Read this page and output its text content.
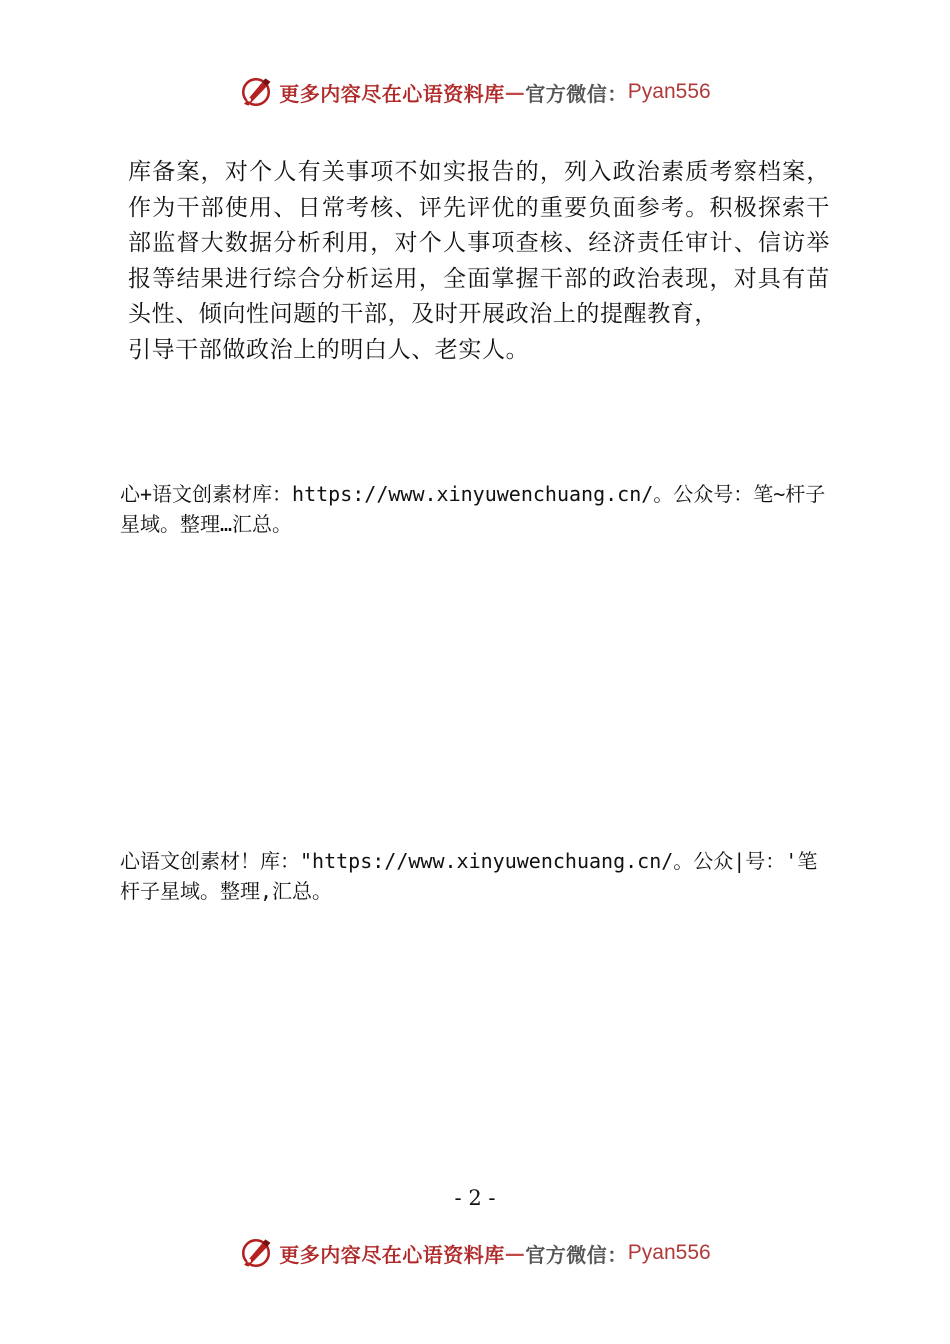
更多内容尽在心语资料库 — 官方微信： Pyan556

库备案，对个人有关事项不如实报告的，列入政治素质考察档案， 作为干部使用、日常考核、评先评优的重要负面参考。积极探索干部监督大数据分析利用，对个人事项查核、经济责任审计、信访举报等结果进行综合分析运用，全面掌握干部的政治表现，对具有苗头性、倾向性问题的干部，及时开展政治上的提醒教育，

引导干部做政治上的明白人、老实人。

心+语文创素材库：https://www.xinyuwenchuang.cn/。公众号：笔~杆子星域。整理…汇总。
心语文创素材！库："https://www.xinyuwenchuang.cn/。公众|号：'笔杆子星域。整理,汇总。
- 2 -
更多内容尽在心语资料库 — 官方微信： Pyan556
